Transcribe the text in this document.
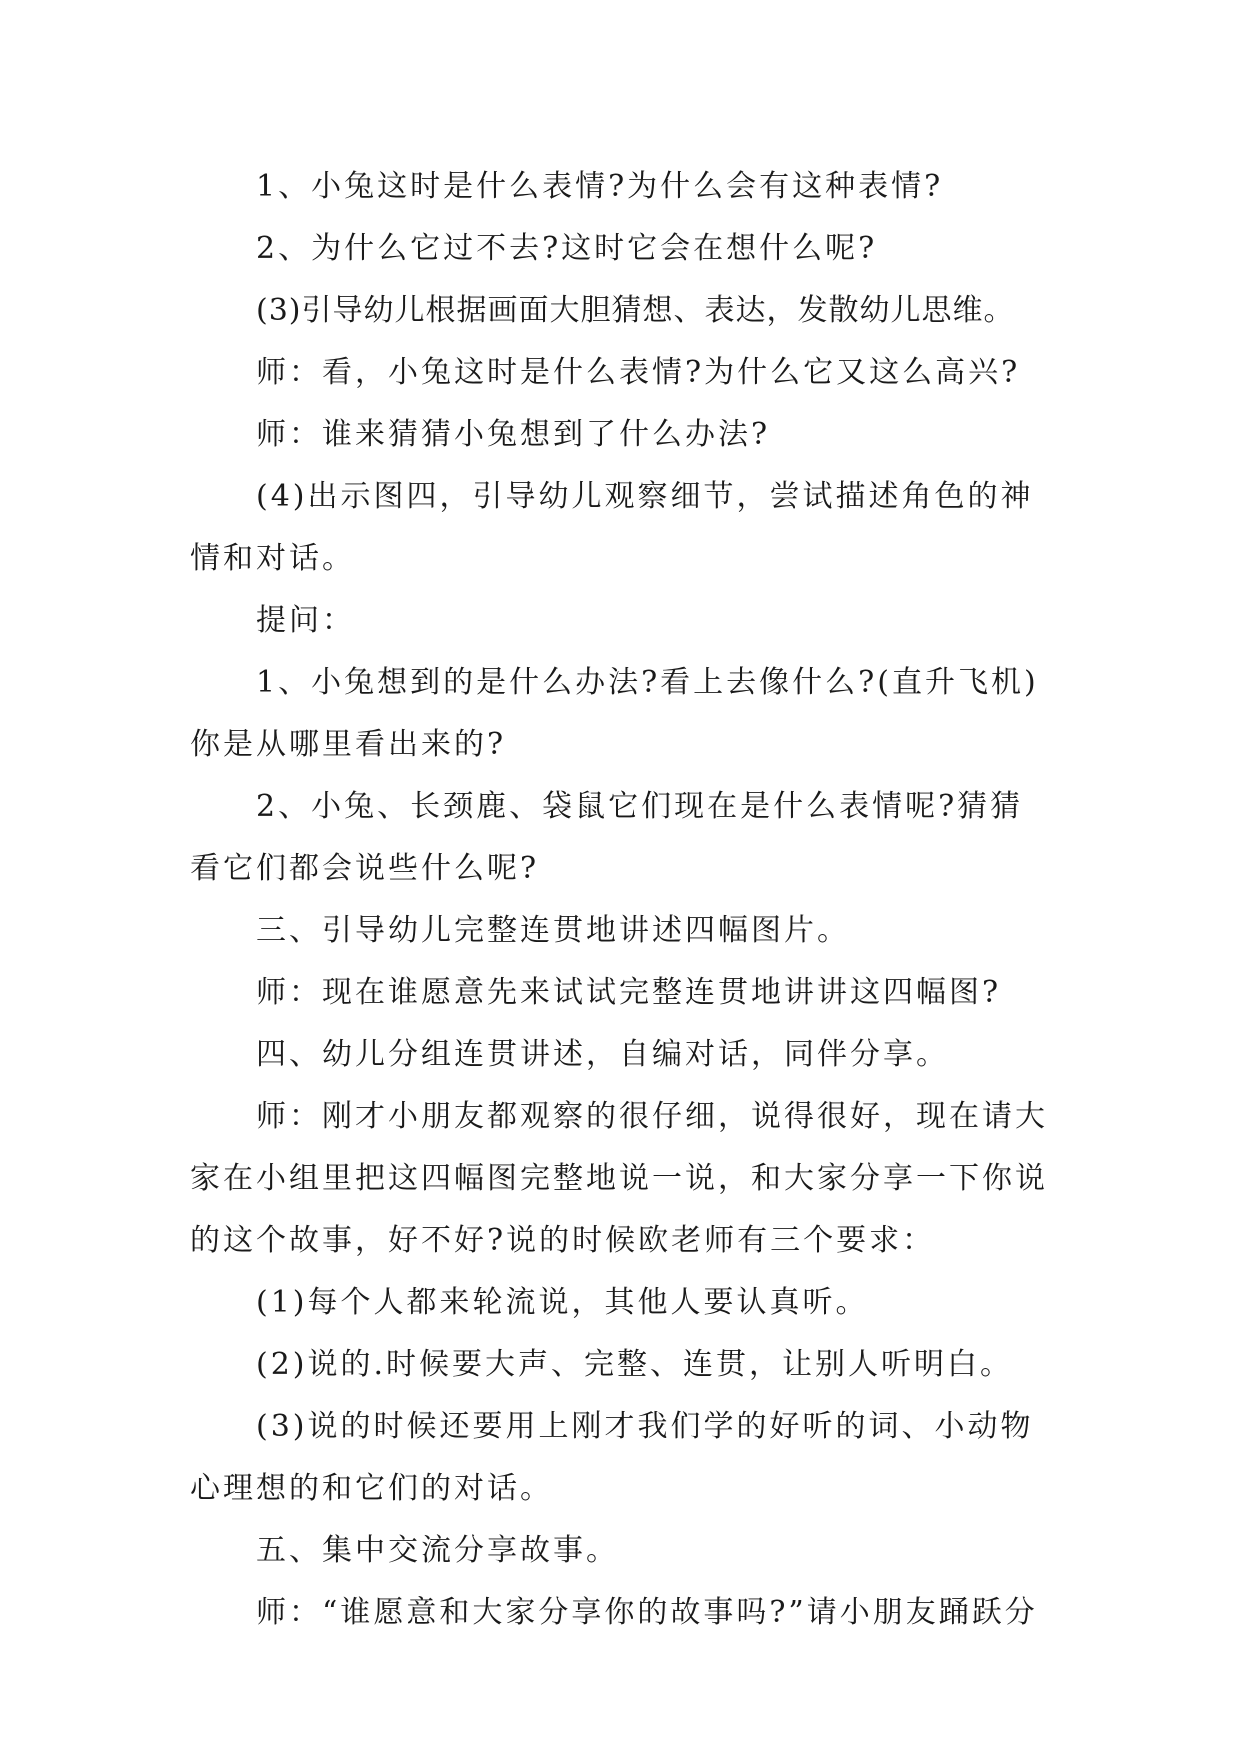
1、小兔这时是什么表情?为什么会有这种表情?

2、为什么它过不去?这时它会在想什么呢?

(3)引导幼儿根据画面大胆猜想、表达，发散幼儿思维。

师：看，小兔这时是什么表情?为什么它又这么高兴?

师：谁来猜猜小兔想到了什么办法?

(4)出示图四，引导幼儿观察细节，尝试描述角色的神情和对话。

提问：

1、小兔想到的是什么办法?看上去像什么?(直升飞机)你是从哪里看出来的?

2、小兔、长颈鹿、袋鼠它们现在是什么表情呢?猜猜看它们都会说些什么呢?

三、引导幼儿完整连贯地讲述四幅图片。

师：现在谁愿意先来试试完整连贯地讲讲这四幅图?

四、幼儿分组连贯讲述，自编对话，同伴分享。

师：刚才小朋友都观察的很仔细，说得很好，现在请大家在小组里把这四幅图完整地说一说，和大家分享一下你说的这个故事，好不好?说的时候欧老师有三个要求：

(1)每个人都来轮流说，其他人要认真听。

(2)说的.时候要大声、完整、连贯，让别人听明白。

(3)说的时候还要用上刚才我们学的好听的词、小动物心理想的和它们的对话。

五、集中交流分享故事。

师：“谁愿意和大家分享你的故事吗?”请小朋友踊跃分
